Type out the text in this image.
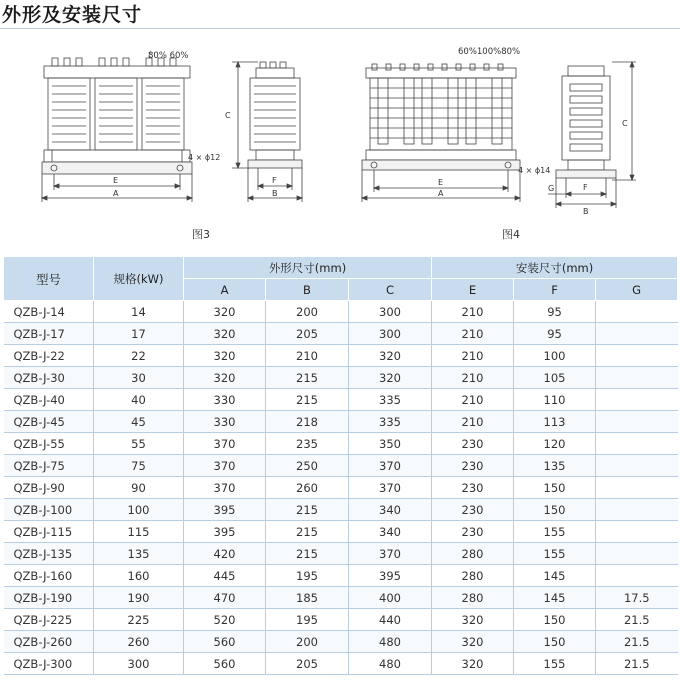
外形及安装尺寸
80% 60%
E
A
C
4 × ϕ12
F
B
60%100%80%
E
A
C
4 × ϕ14
G	F
B
图3	图4
型号	规格(kW)	外形尺寸(mm)			安装尺寸(mm)		
		A	B	C	E	F	G
QZB-J-14	14	320	200	300	210	95	
QZB-J-17	17	320	205	300	210	95	
QZB-J-22	22	320	210	320	210	100	
QZB-J-30	30	320	215	320	210	105	
QZB-J-40	40	330	215	335	210	110	
QZB-J-45	45	330	218	335	210	113	
QZB-J-55	55	370	235	350	230	120	
QZB-J-75	75	370	250	370	230	135	
QZB-J-90	90	370	260	370	230	150	
QZB-J-100	100	395	215	340	230	150	
QZB-J-115	115	395	215	340	230	155	
QZB-J-135	135	420	215	370	280	155	
QZB-J-160	160	445	195	395	280	145	
QZB-J-190	190	470	185	400	280	145	17.5
QZB-J-225	225	520	195	440	320	150	21.5
QZB-J-260	260	560	200	480	320	150	21.5
QZB-J-300	300	560	205	480	320	155	21.5
